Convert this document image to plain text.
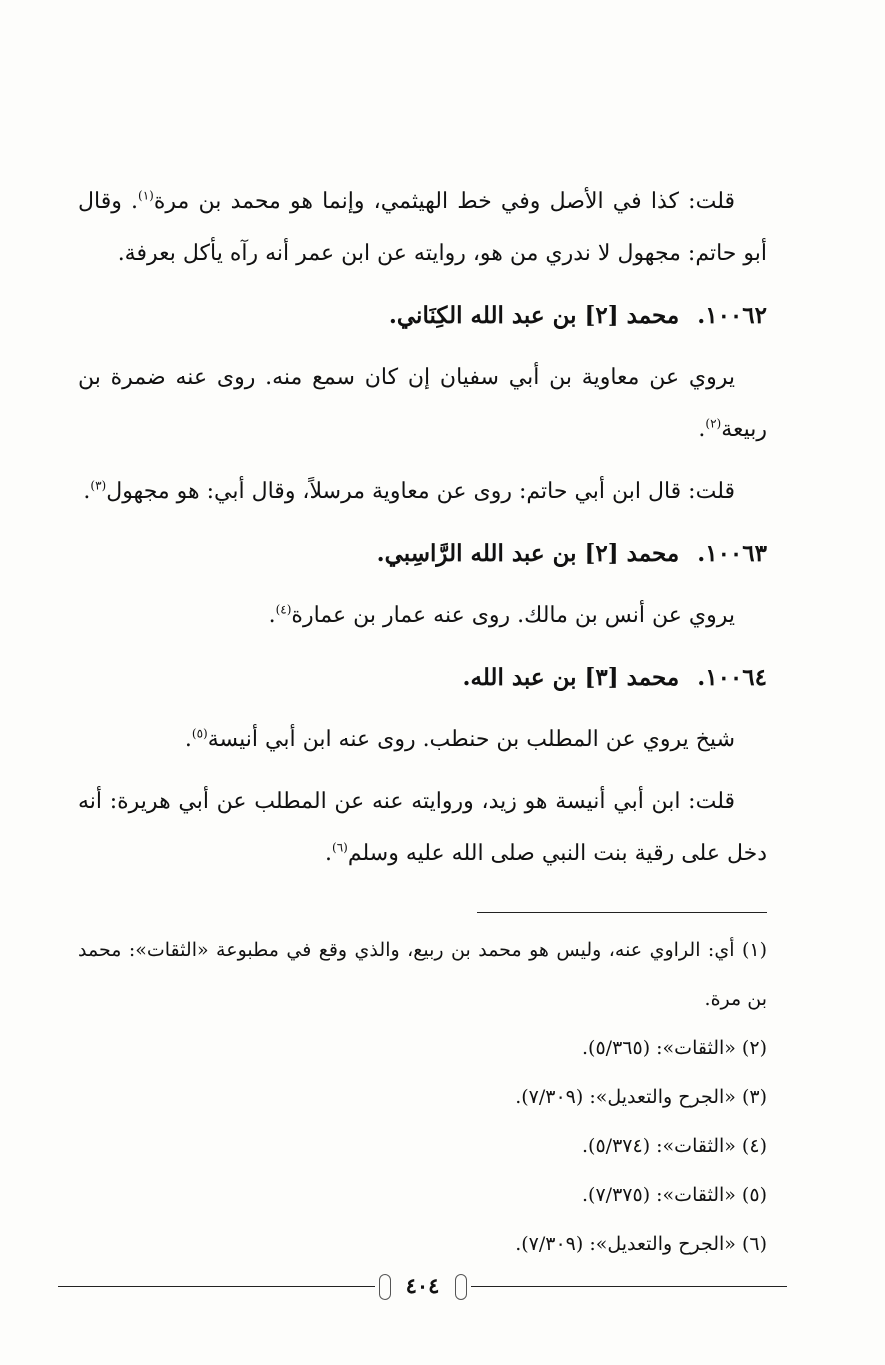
قلت: كذا في الأصل وفي خط الهيثمي، وإنما هو محمد بن مرة$^{(١)}$. وقال أبو حاتم: مجهول لا ندري من هو، روايته عن ابن عمر أنه رآه يأكل بعرفة.

١٠٠٦٢. محمد [٢] بن عبد الله الكِنَاني.

يروي عن معاوية بن أبي سفيان إن كان سمع منه. روى عنه ضمرة بن ربيعة$^{(٢)}$.

قلت: قال ابن أبي حاتم: روى عن معاوية مرسلاً، وقال أبي: هو مجهول$^{(٣)}$.

١٠٠٦٣. محمد [٢] بن عبد الله الرَّاسِبي.

يروي عن أنس بن مالك. روى عنه عمار بن عمارة$^{(٤)}$.

١٠٠٦٤. محمد [٣] بن عبد الله.

شيخ يروي عن المطلب بن حنطب. روى عنه ابن أبي أنيسة$^{(٥)}$.

قلت: ابن أبي أنيسة هو زيد، وروايته عنه عن المطلب عن أبي هريرة: أنه دخل على رقية بنت النبي صلى الله عليه وسلم$^{(٦)}$.

(١) أي: الراوي عنه، وليس هو محمد بن ربيع، والذي وقع في مطبوعة «الثقات»: محمد بن مرة.

(٢) «الثقات»: (٥/٣٦٥).

(٣) «الجرح والتعديل»: (٧/٣٠٩).

(٤) «الثقات»: (٥/٣٧٤).

(٥) «الثقات»: (٧/٣٧٥).

(٦) «الجرح والتعديل»: (٧/٣٠٩).

٤٠٤
